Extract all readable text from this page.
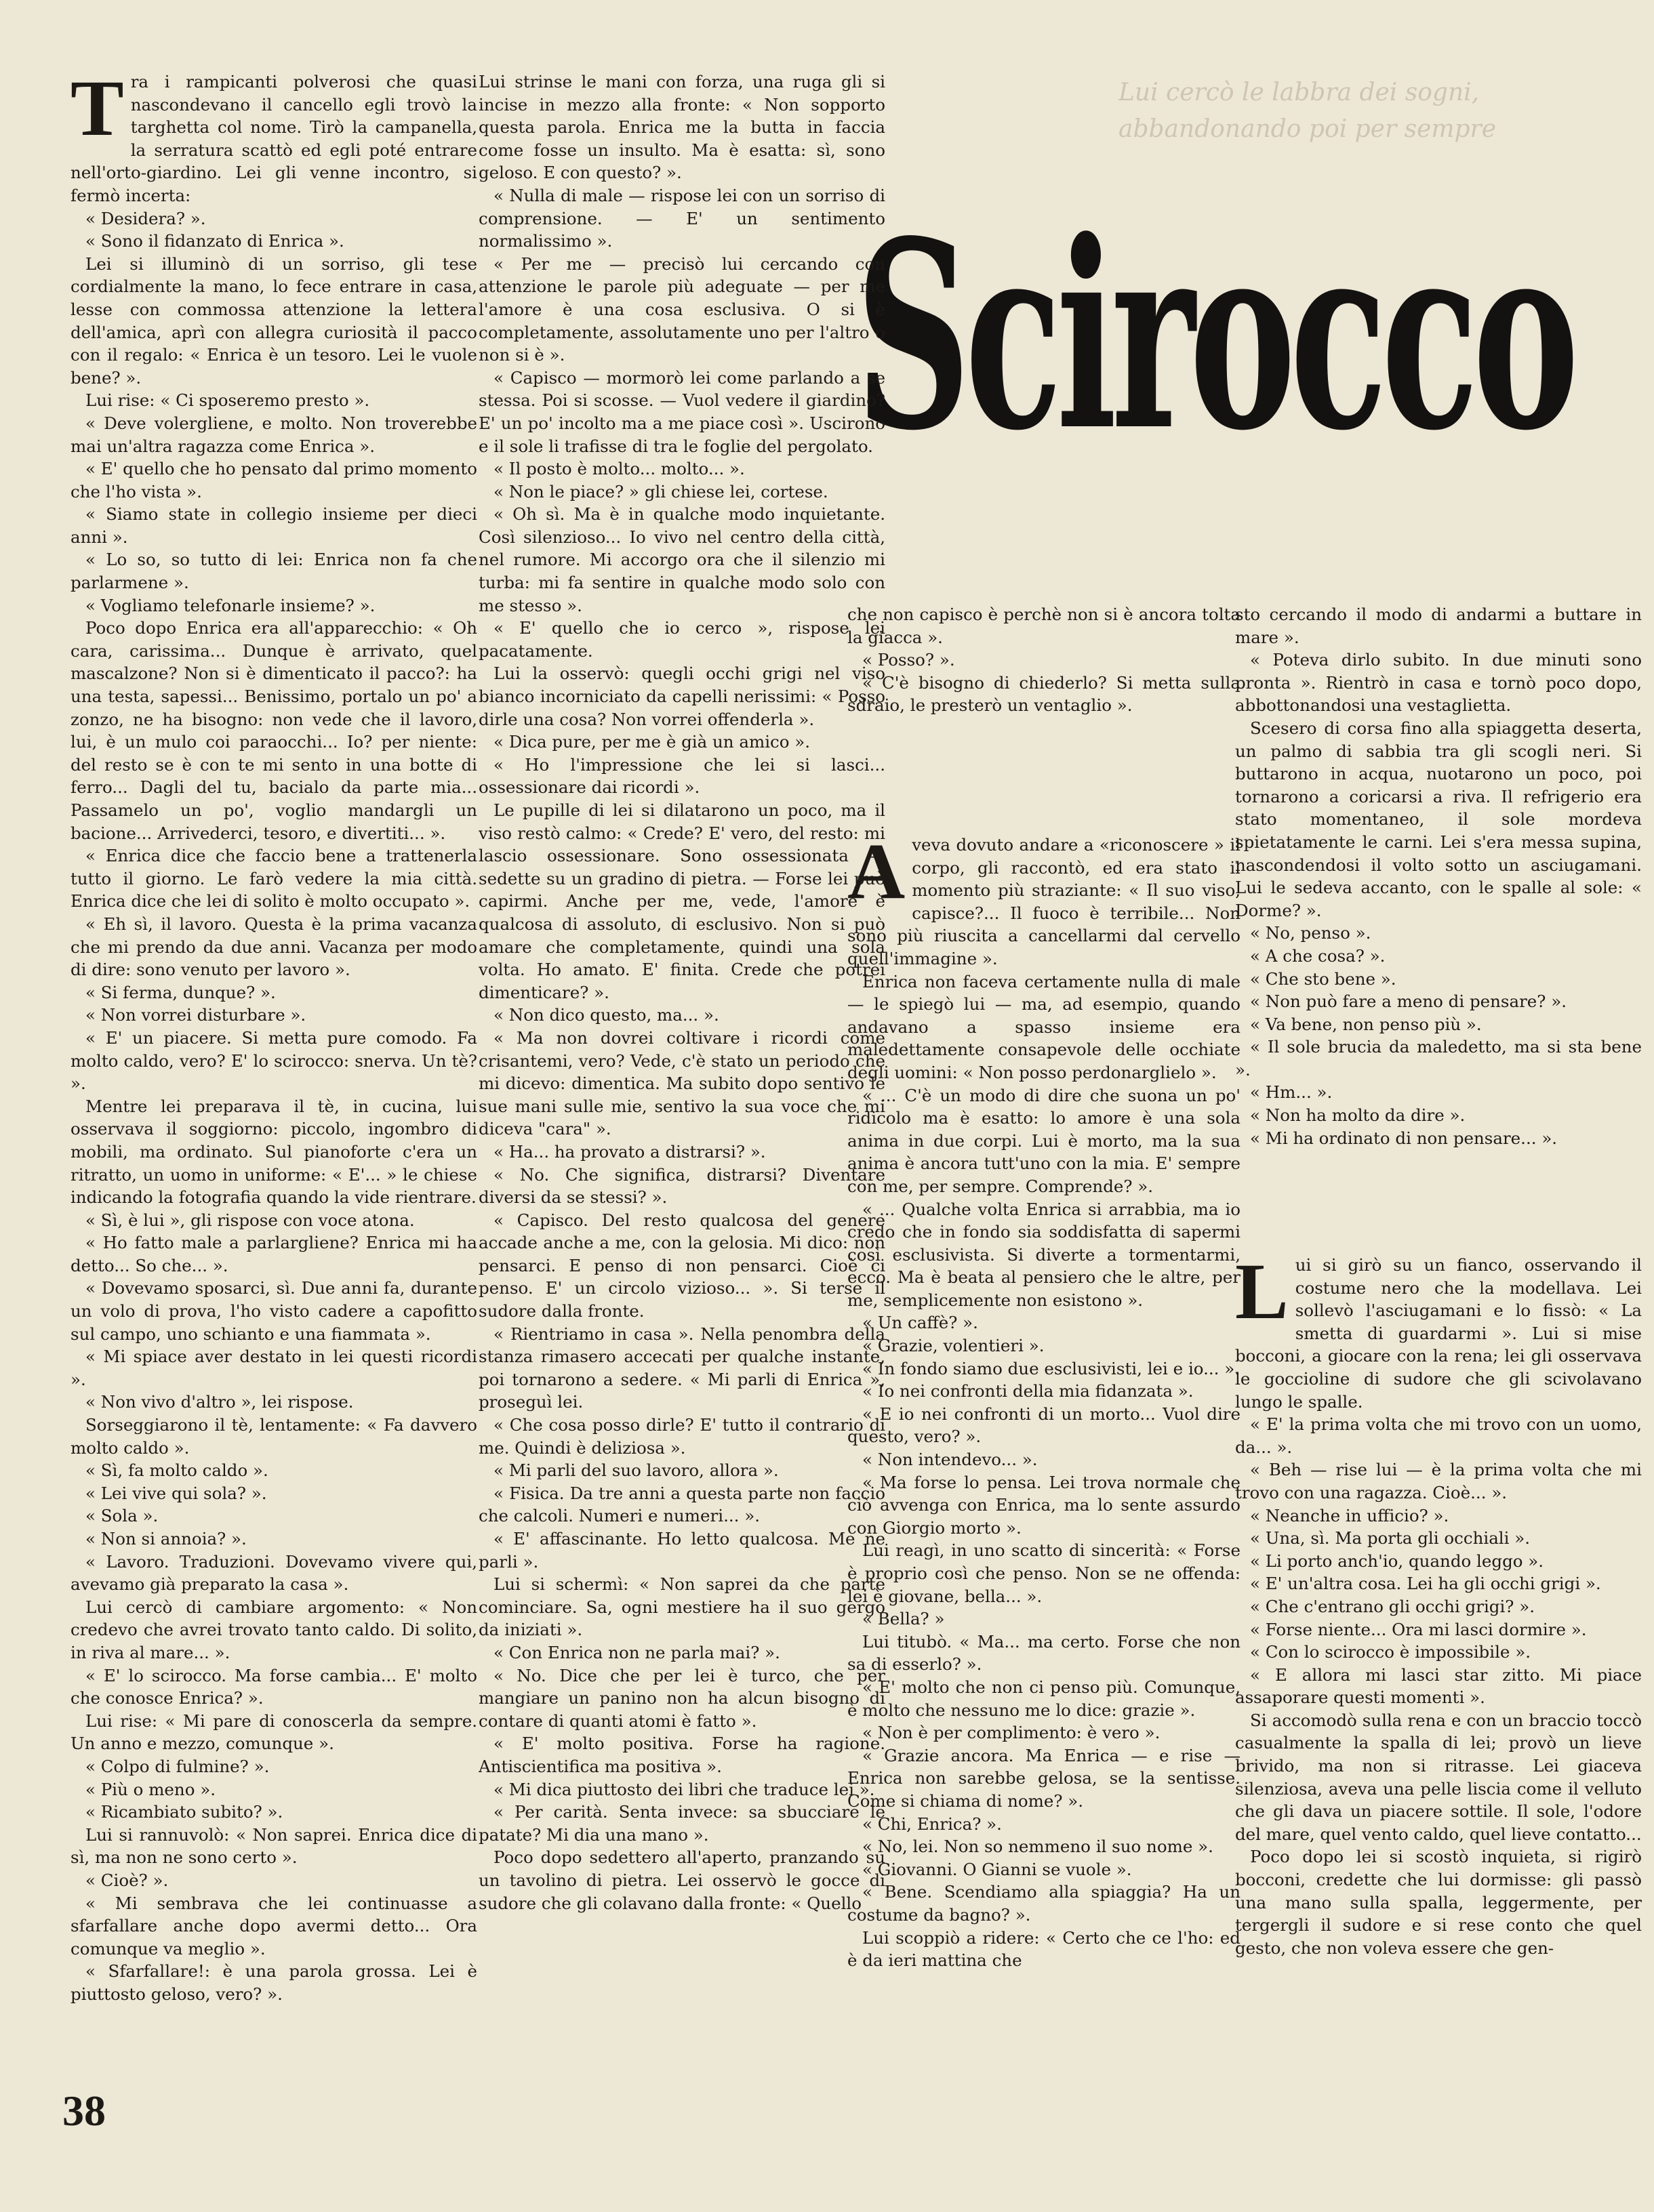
Lui cercò le labbra dei sogni, abbandonando poi per sempre
Scirocco

Tra i rampicanti polverosi che quasi nascondevano il cancello egli trovò la targhetta col nome. Tirò la campanella, la serratura scattò ed egli poté entrare nell'orto-giardino. Lei gli venne incontro, si fermò incerta:

« Desidera? ».

« Sono il fidanzato di Enrica ».

Lei si illuminò di un sorriso, gli tese cordialmente la mano, lo fece entrare in casa, lesse con commossa attenzione la lettera dell'amica, aprì con allegra curiosità il pacco con il regalo: « Enrica è un tesoro. Lei le vuole bene? ».

Lui rise: « Ci sposeremo presto ».

« Deve volergliene, e molto. Non troverebbe mai un'altra ragazza come Enrica ».

« E' quello che ho pensato dal primo momento che l'ho vista ».

« Siamo state in collegio insieme per dieci anni ».

« Lo so, so tutto di lei: Enrica non fa che parlarmene ».

« Vogliamo telefonarle insieme? ».

Poco dopo Enrica era all'apparecchio: « Oh cara, carissima... Dunque è arrivato, quel mascalzone? Non si è dimenticato il pacco?: ha una testa, sapessi... Benissimo, portalo un po' a zonzo, ne ha bisogno: non vede che il lavoro, lui, è un mulo coi paraocchi... Io? per niente: del resto se è con te mi sento in una botte di ferro... Dagli del tu, bacialo da parte mia... Passamelo un po', voglio mandargli un bacione... Arrivederci, tesoro, e divertiti... ».

« Enrica dice che faccio bene a trattenerla tutto il giorno. Le farò vedere la mia città. Enrica dice che lei di solito è molto occupato ».

« Eh sì, il lavoro. Questa è la prima vacanza che mi prendo da due anni. Vacanza per modo di dire: sono venuto per lavoro ».

« Si ferma, dunque? ».

« Non vorrei disturbare ».

« E' un piacere. Si metta pure comodo. Fa molto caldo, vero? E' lo scirocco: snerva. Un tè? ».

Mentre lei preparava il tè, in cucina, lui osservava il soggiorno: piccolo, ingombro di mobili, ma ordinato. Sul pianoforte c'era un ritratto, un uomo in uniforme: « E'... » le chiese indicando la fotografia quando la vide rientrare.

« Sì, è lui », gli rispose con voce atona.

« Ho fatto male a parlargliene? Enrica mi ha detto... So che... ».

« Dovevamo sposarci, sì. Due anni fa, durante un volo di prova, l'ho visto cadere a capofitto sul campo, uno schianto e una fiammata ».

« Mi spiace aver destato in lei questi ricordi ».

« Non vivo d'altro », lei rispose.

Sorseggiarono il tè, lentamente: « Fa davvero molto caldo ».

« Sì, fa molto caldo ».

« Lei vive qui sola? ».

« Sola ».

« Non si annoia? ».

« Lavoro. Traduzioni. Dovevamo vivere qui, avevamo già preparato la casa ».

Lui cercò di cambiare argomento: « Non credevo che avrei trovato tanto caldo. Di solito, in riva al mare... ».

« E' lo scirocco. Ma forse cambia... E' molto che conosce Enrica? ».

Lui rise: « Mi pare di conoscerla da sempre. Un anno e mezzo, comunque ».

« Colpo di fulmine? ».

« Più o meno ».

« Ricambiato subito? ».

Lui si rannuvolò: « Non saprei. Enrica dice di sì, ma non ne sono certo ».

« Cioè? ».

« Mi sembrava che lei continuasse a sfarfallare anche dopo avermi detto... Ora comunque va meglio ».

« Sfarfallare!: è una parola grossa. Lei è piuttosto geloso, vero? ».

Lui strinse le mani con forza, una ruga gli si incise in mezzo alla fronte: « Non sopporto questa parola. Enrica me la butta in faccia come fosse un insulto. Ma è esatta: sì, sono geloso. E con questo? ».

« Nulla di male — rispose lei con un sorriso di comprensione. — E' un sentimento normalissimo ».

« Per me — precisò lui cercando con attenzione le parole più adeguate — per me l'amore è una cosa esclusiva. O si è completamente, assolutamente uno per l'altro o non si è ».

« Capisco — mormorò lei come parlando a se stessa. Poi si scosse. — Vuol vedere il giardino? E' un po' incolto ma a me piace così ». Uscirono e il sole li trafisse di tra le foglie del pergolato.

« Il posto è molto... molto... ».

« Non le piace? » gli chiese lei, cortese.

« Oh sì. Ma è in qualche modo inquietante. Così silenzioso... Io vivo nel centro della città, nel rumore. Mi accorgo ora che il silenzio mi turba: mi fa sentire in qualche modo solo con me stesso ».

« E' quello che io cerco », rispose lei pacatamente.

Lui la osservò: quegli occhi grigi nel viso bianco incorniciato da capelli nerissimi: « Posso dirle una cosa? Non vorrei offenderla ».

« Dica pure, per me è già un amico ».

« Ho l'impressione che lei si lasci... ossessionare dai ricordi ».

Le pupille di lei si dilatarono un poco, ma il viso restò calmo: « Crede? E' vero, del resto: mi lascio ossessionare. Sono ossessionata — sedette su un gradino di pietra. — Forse lei può capirmi. Anche per me, vede, l'amore è qualcosa di assoluto, di esclusivo. Non si può amare che completamente, quindi una sola volta. Ho amato. E' finita. Crede che potrei dimenticare? ».

« Non dico questo, ma... ».

« Ma non dovrei coltivare i ricordi come crisantemi, vero? Vede, c'è stato un periodo che mi dicevo: dimentica. Ma subito dopo sentivo le sue mani sulle mie, sentivo la sua voce che mi diceva "cara" ».

« Ha... ha provato a distrarsi? ».

« No. Che significa, distrarsi? Diventare diversi da se stessi? ».

« Capisco. Del resto qualcosa del genere accade anche a me, con la gelosia. Mi dico: non pensarci. E penso di non pensarci. Cioè ci penso. E' un circolo vizioso... ». Si terse il sudore dalla fronte.

« Rientriamo in casa ». Nella penombra della stanza rimasero accecati per qualche instante, poi tornarono a sedere. « Mi parli di Enrica », proseguì lei.

« Che cosa posso dirle? E' tutto il contrario di me. Quindi è deliziosa ».

« Mi parli del suo lavoro, allora ».

« Fisica. Da tre anni a questa parte non faccio che calcoli. Numeri e numeri... ».

« E' affascinante. Ho letto qualcosa. Me ne parli ».

Lui si schermì: « Non saprei da che parte cominciare. Sa, ogni mestiere ha il suo gergo da iniziati ».

« Con Enrica non ne parla mai? ».

« No. Dice che per lei è turco, che per mangiare un panino non ha alcun bisogno di contare di quanti atomi è fatto ».

« E' molto positiva. Forse ha ragione. Antiscientifica ma positiva ».

« Mi dica piuttosto dei libri che traduce lei ».

« Per carità. Senta invece: sa sbucciare le patate? Mi dia una mano ».

Poco dopo sedettero all'aperto, pranzando su un tavolino di pietra. Lei osservò le gocce di sudore che gli colavano dalla fronte: « Quello

che non capisco è perchè non si è ancora tolta la giacca ».

« Posso? ».

« C'è bisogno di chiederlo? Si metta sulla sdraio, le presterò un ventaglio ».

Aveva dovuto andare a «riconoscere » il corpo, gli raccontò, ed era stato il momento più straziante: « Il suo viso, capisce?... Il fuoco è terribile... Non sono più riuscita a cancellarmi dal cervello quell'immagine ».

Enrica non faceva certamente nulla di male — le spiegò lui — ma, ad esempio, quando andavano a spasso insieme era maledettamente consapevole delle occhiate degli uomini: « Non posso perdonarglielo ».

« ... C'è un modo di dire che suona un po' ridicolo ma è esatto: lo amore è una sola anima in due corpi. Lui è morto, ma la sua anima è ancora tutt'uno con la mia. E' sempre con me, per sempre. Comprende? ».

« ... Qualche volta Enrica si arrabbia, ma io credo che in fondo sia soddisfatta di sapermi così esclusivista. Si diverte a tormentarmi, ecco. Ma è beata al pensiero che le altre, per me, semplicemente non esistono ».

« Un caffè? ».

« Grazie, volentieri ».

« In fondo siamo due esclusivisti, lei e io... ».

« Io nei confronti della mia fidanzata ».

« E io nei confronti di un morto... Vuol dire questo, vero? ».

« Non intendevo... ».

« Ma forse lo pensa. Lei trova normale che ciò avvenga con Enrica, ma lo sente assurdo con Giorgio morto ».

Lui reagì, in uno scatto di sincerità: « Forse è proprio così che penso. Non se ne offenda: lei è giovane, bella... ».

« Bella? »

Lui titubò. « Ma... ma certo. Forse che non sa di esserlo? ».

« E' molto che non ci penso più. Comunque, è molto che nessuno me lo dice: grazie ».

« Non è per complimento: è vero ».

« Grazie ancora. Ma Enrica — e rise — Enrica non sarebbe gelosa, se la sentisse. Come si chiama di nome? ».

« Chi, Enrica? ».

« No, lei. Non so nemmeno il suo nome ».

« Giovanni. O Gianni se vuole ».

« Bene. Scendiamo alla spiaggia? Ha un costume da bagno? ».

Lui scoppiò a ridere: « Certo che ce l'ho: ed è da ieri mattina che

sto cercando il modo di andarmi a buttare in mare ».

« Poteva dirlo subito. In due minuti sono pronta ». Rientrò in casa e tornò poco dopo, abbottonandosi una vestaglietta.

Scesero di corsa fino alla spiaggetta deserta, un palmo di sabbia tra gli scogli neri. Si buttarono in acqua, nuotarono un poco, poi tornarono a coricarsi a riva. Il refrigerio era stato momentaneo, il sole mordeva spietatamente le carni. Lei s'era messa supina, nascondendosi il volto sotto un asciugamani. Lui le sedeva accanto, con le spalle al sole: « Dorme? ».

« No, penso ».

« A che cosa? ».

« Che sto bene ».

« Non può fare a meno di pensare? ».

« Va bene, non penso più ».

« Il sole brucia da maledetto, ma si sta bene ».

« Hm... ».

« Non ha molto da dire ».

« Mi ha ordinato di non pensare... ».

Lui si girò su un fianco, osservando il costume nero che la modellava. Lei sollevò l'asciugamani e lo fissò: « La smetta di guardarmi ». Lui si mise bocconi, a giocare con la rena; lei gli osservava le goccioline di sudore che gli scivolavano lungo le spalle.

« E' la prima volta che mi trovo con un uomo, da... ».

« Beh — rise lui — è la prima volta che mi trovo con una ragazza. Cioè... ».

« Neanche in ufficio? ».

« Una, sì. Ma porta gli occhiali ».

« Li porto anch'io, quando leggo ».

« E' un'altra cosa. Lei ha gli occhi grigi ».

« Che c'entrano gli occhi grigi? ».

« Forse niente... Ora mi lasci dormire ».

« Con lo scirocco è impossibile ».

« E allora mi lasci star zitto. Mi piace assaporare questi momenti ».

Si accomodò sulla rena e con un braccio toccò casualmente la spalla di lei; provò un lieve brivido, ma non si ritrasse. Lei giaceva silenziosa, aveva una pelle liscia come il velluto che gli dava un piacere sottile. Il sole, l'odore del mare, quel vento caldo, quel lieve contatto...

Poco dopo lei si scostò inquieta, si rigirò bocconi, credette che lui dormisse: gli passò una mano sulla spalla, leggermente, per tergergli il sudore e si rese conto che quel gesto, che non voleva essere che gen-

38
